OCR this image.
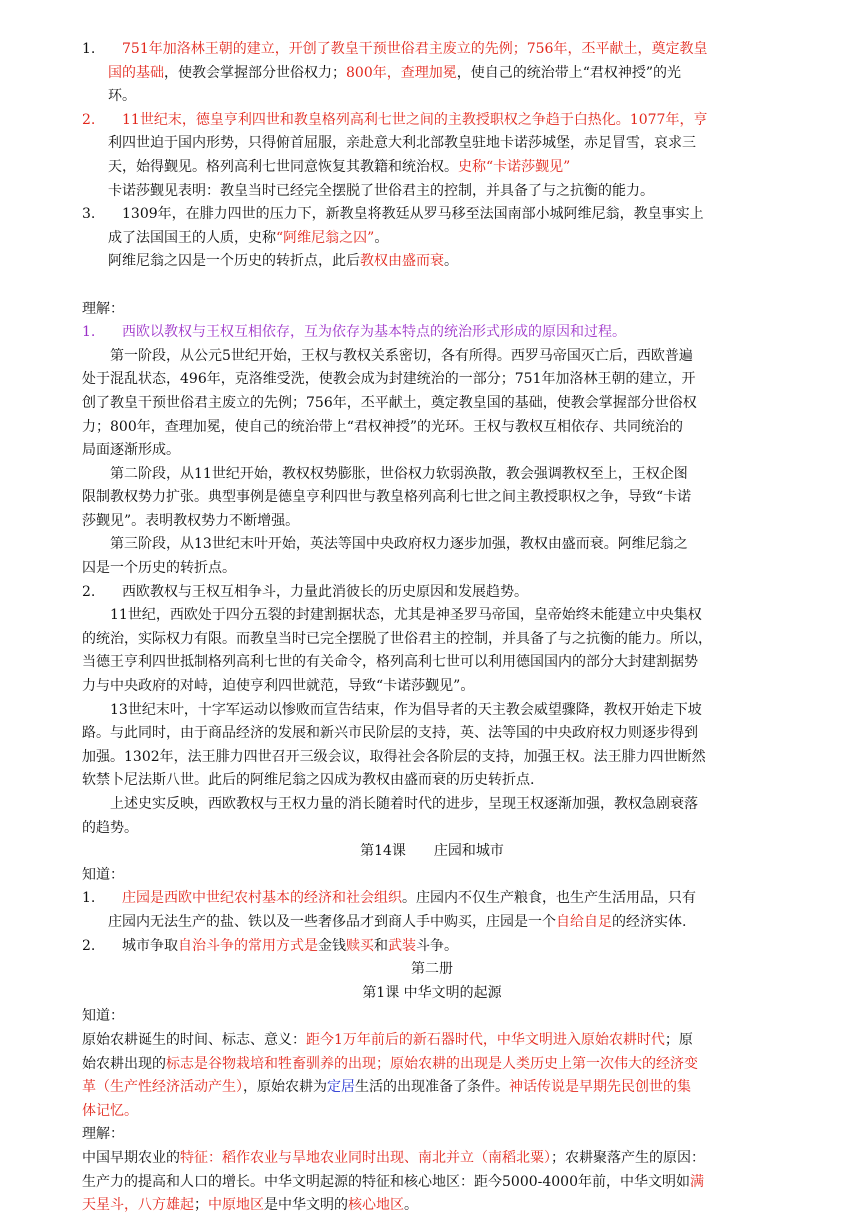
1.　751年加洛林王朝的建立，开创了教皇干预世俗君主废立的先例；756年，丕平献土，奠定教皇
国的基础，使教会掌握部分世俗权力；800年，查理加冕，使自己的统治带上“君权神授”的光
环。
2.　11世纪末，德皇亨利四世和教皇格列高利七世之间的主教授职权之争趋于白热化。1077年，亨
利四世迫于国内形势，只得俯首屈服，亲赴意大利北部教皇驻地卡诺莎城堡，赤足冒雪，哀求三
天，始得觐见。格列高利七世同意恢复其教籍和统治权。史称“卡诺莎觐见”
卡诺莎觐见表明：教皇当时已经完全摆脱了世俗君主的控制，并具备了与之抗衡的能力。
3.　1309年，在腓力四世的压力下，新教皇将教廷从罗马移至法国南部小城阿维尼翁，教皇事实上
成了法国国王的人质，史称“阿维尼翁之囚”。
阿维尼翁之囚是一个历史的转折点，此后教权由盛而衰。

理解：
1.　西欧以教权与王权互相依存，互为依存为基本特点的统治形式形成的原因和过程。
　　第一阶段，从公元5世纪开始，王权与教权关系密切，各有所得。西罗马帝国灭亡后，西欧普遍
处于混乱状态，496年，克洛维受洗，使教会成为封建统治的一部分；751年加洛林王朝的建立，开
创了教皇干预世俗君主废立的先例；756年，丕平献土，奠定教皇国的基础，使教会掌握部分世俗权
力；800年，查理加冕，使自己的统治带上“君权神授”的光环。王权与教权互相依存、共同统治的
局面逐渐形成。
　　第二阶段，从11世纪开始，教权权势膨胀，世俗权力软弱涣散，教会强调教权至上，王权企图
限制教权势力扩张。典型事例是德皇亨利四世与教皇格列高利七世之间主教授职权之争，导致“卡诺
莎觐见”。表明教权势力不断增强。
　　第三阶段，从13世纪末叶开始，英法等国中央政府权力逐步加强，教权由盛而衰。阿维尼翁之
囚是一个历史的转折点。
2.　西欧教权与王权互相争斗，力量此消彼长的历史原因和发展趋势。
　　11世纪，西欧处于四分五裂的封建割据状态，尤其是神圣罗马帝国，皇帝始终未能建立中央集权
的统治，实际权力有限。而教皇当时已完全摆脱了世俗君主的控制，并具备了与之抗衡的能力。所以，
当德王亨利四世抵制格列高利七世的有关命令，格列高利七世可以利用德国国内的部分大封建割据势
力与中央政府的对峙，迫使亨利四世就范，导致“卡诺莎觐见”。
　　13世纪末叶，十字军运动以惨败而宣告结束，作为倡导者的天主教会威望骤降，教权开始走下坡
路。与此同时，由于商品经济的发展和新兴市民阶层的支持，英、法等国的中央政府权力则逐步得到
加强。1302年，法王腓力四世召开三级会议，取得社会各阶层的支持，加强王权。法王腓力四世断然
软禁卜尼法斯八世。此后的阿维尼翁之囚成为教权由盛而衰的历史转折点.
　　上述史实反映，西欧教权与王权力量的消长随着时代的进步，呈现王权逐渐加强，教权急剧衰落
的趋势。
第14课　　庄园和城市
知道：
1.　 庄园是西欧中世纪农村基本的经济和社会组织。庄园内不仅生产粮食，也生产生活用品，只有
庄园内无法生产的盐、铁以及一些奢侈品才到商人手中购买，庄园是一个自给自足的经济实体.
2.　城市争取自治斗争的常用方式是金钱赎买和武装斗争。
第二册
第1课 中华文明的起源
知道：
原始农耕诞生的时间、标志、意义：距今1万年前后的新石器时代，中华文明进入原始农耕时代；原
始农耕出现的标志是谷物栽培和牲畜驯养的出现；原始农耕的出现是人类历史上第一次伟大的经济变
革（生产性经济活动产生），原始农耕为定居生活的出现准备了条件。神话传说是早期先民创世的集
体记忆。
理解：
中国早期农业的特征：稻作农业与旱地农业同时出现、南北并立（南稻北粟）；农耕聚落产生的原因：
生产力的提高和人口的增长。中华文明起源的特征和核心地区：距今5000-4000年前，中华文明如满
天星斗，八方雄起；中原地区是中华文明的核心地区。
